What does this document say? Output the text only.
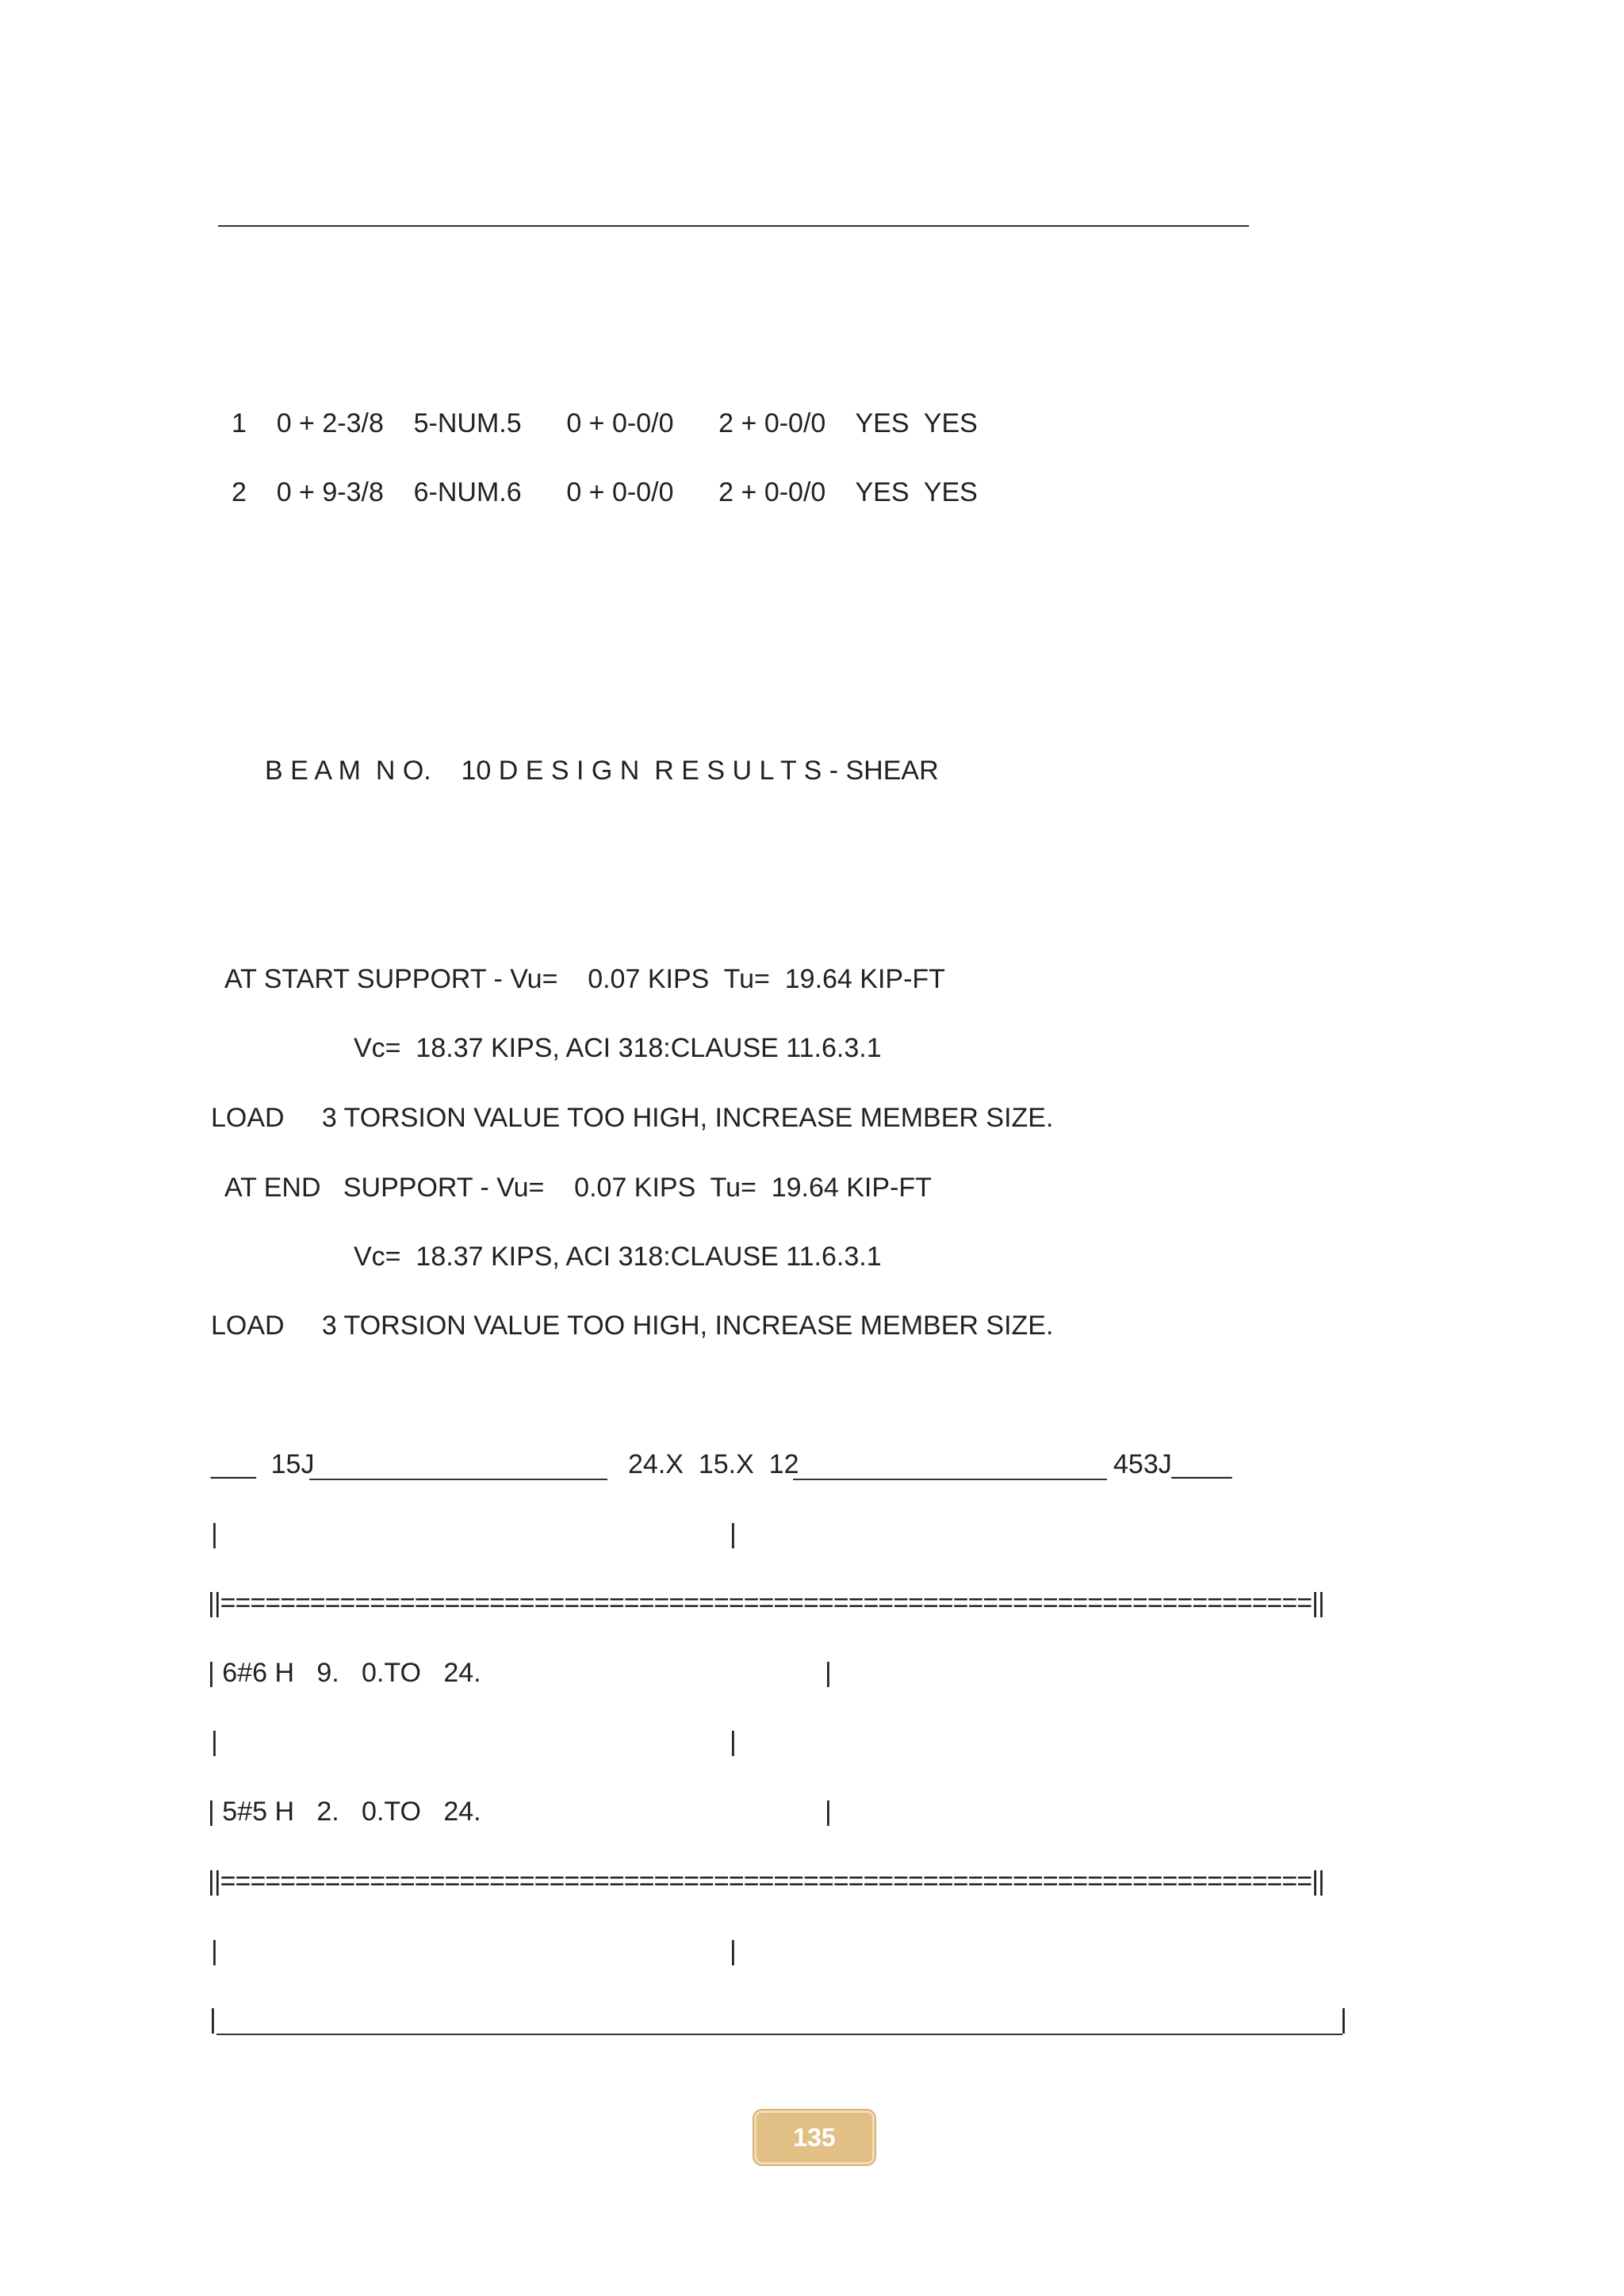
1    0 + 2-3/8    5-NUM.5      0 + 0-0/0      2 + 0-0/0    YES  YES
2    0 + 9-3/8    6-NUM.6      0 + 0-0/0      2 + 0-0/0    YES  YES
B E A M  N O.    10 D E S I G N  R E S U L T S - SHEAR
AT START SUPPORT - Vu=    0.07 KIPS  Tu=  19.64 KIP-FT
Vc=  18.37 KIPS, ACI 318:CLAUSE 11.6.3.1
LOAD     3 TORSION VALUE TOO HIGH, INCREASE MEMBER SIZE.
AT END   SUPPORT - Vu=    0.07 KIPS  Tu=  19.64 KIP-FT
Vc=  18.37 KIPS, ACI 318:CLAUSE 11.6.3.1
LOAD     3 TORSION VALUE TOO HIGH, INCREASE MEMBER SIZE.
___  15J	24.X  15.X  12	453J____
|	|
||=========================================================================||
| 6#6 H   9.   0.TO   24.	|
|	|
| 5#5 H   2.   0.TO   24.	|
||=========================================================================||
|	|
|	|
135
